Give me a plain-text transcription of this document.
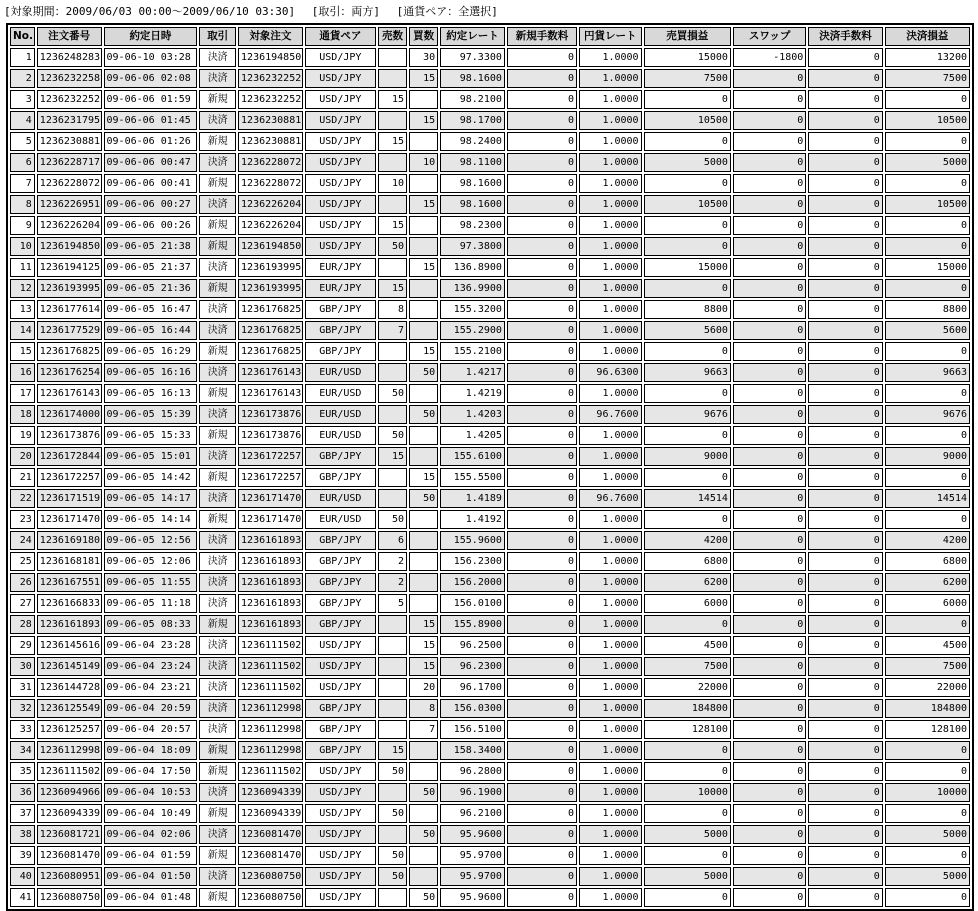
[対象期間：2009/06/03 00:00～2009/06/10 03:30] [取引：両方] [通貨ペア：全選択]
No.	注文番号	約定日時	取引	対象注文	通貨ペア	売数	買数	約定レート	新規手数料	円貨レート	売買損益	スワップ	決済手数料	決済損益
1	1236248283	09-06-10 03:28	決済	1236194850	USD/JPY		30	97.3300	0	1.0000	15000	-1800	0	13200
2	1236232258	09-06-06 02:08	決済	1236232252	USD/JPY		15	98.1600	0	1.0000	7500	0	0	7500
3	1236232252	09-06-06 01:59	新規	1236232252	USD/JPY	15		98.2100	0	1.0000	0	0	0	0
4	1236231795	09-06-06 01:45	決済	1236230881	USD/JPY		15	98.1700	0	1.0000	10500	0	0	10500
5	1236230881	09-06-06 01:26	新規	1236230881	USD/JPY	15		98.2400	0	1.0000	0	0	0	0
6	1236228717	09-06-06 00:47	決済	1236228072	USD/JPY		10	98.1100	0	1.0000	5000	0	0	5000
7	1236228072	09-06-06 00:41	新規	1236228072	USD/JPY	10		98.1600	0	1.0000	0	0	0	0
8	1236226951	09-06-06 00:27	決済	1236226204	USD/JPY		15	98.1600	0	1.0000	10500	0	0	10500
9	1236226204	09-06-06 00:26	新規	1236226204	USD/JPY	15		98.2300	0	1.0000	0	0	0	0
10	1236194850	09-06-05 21:38	新規	1236194850	USD/JPY	50		97.3800	0	1.0000	0	0	0	0
11	1236194125	09-06-05 21:37	決済	1236193995	EUR/JPY		15	136.8900	0	1.0000	15000	0	0	15000
12	1236193995	09-06-05 21:36	新規	1236193995	EUR/JPY	15		136.9900	0	1.0000	0	0	0	0
13	1236177614	09-06-05 16:47	決済	1236176825	GBP/JPY	8		155.3200	0	1.0000	8800	0	0	8800
14	1236177529	09-06-05 16:44	決済	1236176825	GBP/JPY	7		155.2900	0	1.0000	5600	0	0	5600
15	1236176825	09-06-05 16:29	新規	1236176825	GBP/JPY		15	155.2100	0	1.0000	0	0	0	0
16	1236176254	09-06-05 16:16	決済	1236176143	EUR/USD		50	1.4217	0	96.6300	9663	0	0	9663
17	1236176143	09-06-05 16:13	新規	1236176143	EUR/USD	50		1.4219	0	1.0000	0	0	0	0
18	1236174000	09-06-05 15:39	決済	1236173876	EUR/USD		50	1.4203	0	96.7600	9676	0	0	9676
19	1236173876	09-06-05 15:33	新規	1236173876	EUR/USD	50		1.4205	0	1.0000	0	0	0	0
20	1236172844	09-06-05 15:01	決済	1236172257	GBP/JPY	15		155.6100	0	1.0000	9000	0	0	9000
21	1236172257	09-06-05 14:42	新規	1236172257	GBP/JPY		15	155.5500	0	1.0000	0	0	0	0
22	1236171519	09-06-05 14:17	決済	1236171470	EUR/USD		50	1.4189	0	96.7600	14514	0	0	14514
23	1236171470	09-06-05 14:14	新規	1236171470	EUR/USD	50		1.4192	0	1.0000	0	0	0	0
24	1236169180	09-06-05 12:56	決済	1236161893	GBP/JPY	6		155.9600	0	1.0000	4200	0	0	4200
25	1236168181	09-06-05 12:06	決済	1236161893	GBP/JPY	2		156.2300	0	1.0000	6800	0	0	6800
26	1236167551	09-06-05 11:55	決済	1236161893	GBP/JPY	2		156.2000	0	1.0000	6200	0	0	6200
27	1236166833	09-06-05 11:18	決済	1236161893	GBP/JPY	5		156.0100	0	1.0000	6000	0	0	6000
28	1236161893	09-06-05 08:33	新規	1236161893	GBP/JPY		15	155.8900	0	1.0000	0	0	0	0
29	1236145616	09-06-04 23:28	決済	1236111502	USD/JPY		15	96.2500	0	1.0000	4500	0	0	4500
30	1236145149	09-06-04 23:24	決済	1236111502	USD/JPY		15	96.2300	0	1.0000	7500	0	0	7500
31	1236144728	09-06-04 23:21	決済	1236111502	USD/JPY		20	96.1700	0	1.0000	22000	0	0	22000
32	1236125549	09-06-04 20:59	決済	1236112998	GBP/JPY		8	156.0300	0	1.0000	184800	0	0	184800
33	1236125257	09-06-04 20:57	決済	1236112998	GBP/JPY		7	156.5100	0	1.0000	128100	0	0	128100
34	1236112998	09-06-04 18:09	新規	1236112998	GBP/JPY	15		158.3400	0	1.0000	0	0	0	0
35	1236111502	09-06-04 17:50	新規	1236111502	USD/JPY	50		96.2800	0	1.0000	0	0	0	0
36	1236094966	09-06-04 10:53	決済	1236094339	USD/JPY		50	96.1900	0	1.0000	10000	0	0	10000
37	1236094339	09-06-04 10:49	新規	1236094339	USD/JPY	50		96.2100	0	1.0000	0	0	0	0
38	1236081721	09-06-04 02:06	決済	1236081470	USD/JPY		50	95.9600	0	1.0000	5000	0	0	5000
39	1236081470	09-06-04 01:59	新規	1236081470	USD/JPY	50		95.9700	0	1.0000	0	0	0	0
40	1236080951	09-06-04 01:50	決済	1236080750	USD/JPY	50		95.9700	0	1.0000	5000	0	0	5000
41	1236080750	09-06-04 01:48	新規	1236080750	USD/JPY		50	95.9600	0	1.0000	0	0	0	0
